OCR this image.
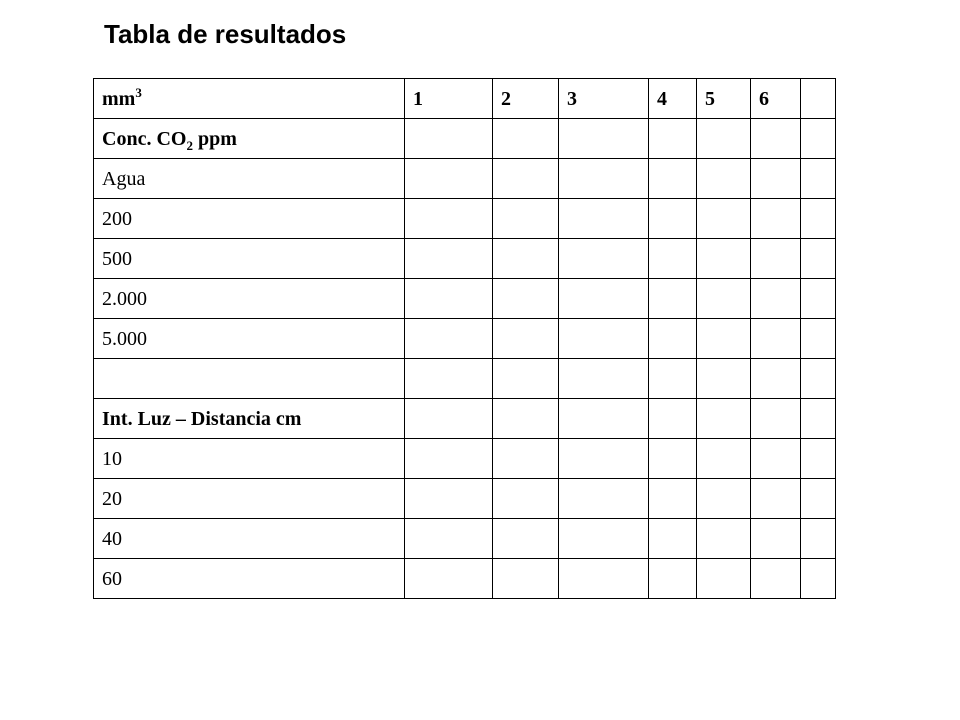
Tabla de resultados
$mm^3$	1	2	3	4	5	6	
Conc. $CO_2$ ppm							
Agua							
200							
500							
2.000							
5.000							

Int. Luz – Distancia cm							
10							
20							
40							
60							
